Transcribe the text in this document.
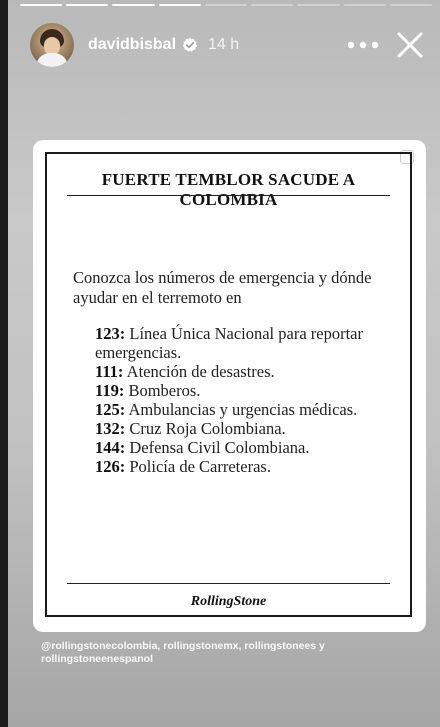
davidbisbal 14 h
FUERTE TEMBLOR SACUDE A COLOMBIA
Conozca los números de emergencia y dónde ayudar en el terremoto en

123: Línea Única Nacional para reportar emergencias.

111: Atención de desastres.

119: Bomberos.

125: Ambulancias y urgencias médicas.

132: Cruz Roja Colombiana.

144: Defensa Civil Colombiana.

126: Policía de Carreteras.

RollingStone
@rollingstonecolombia, rollingstonemx, rollingstonees y rollingstoneenespanol
